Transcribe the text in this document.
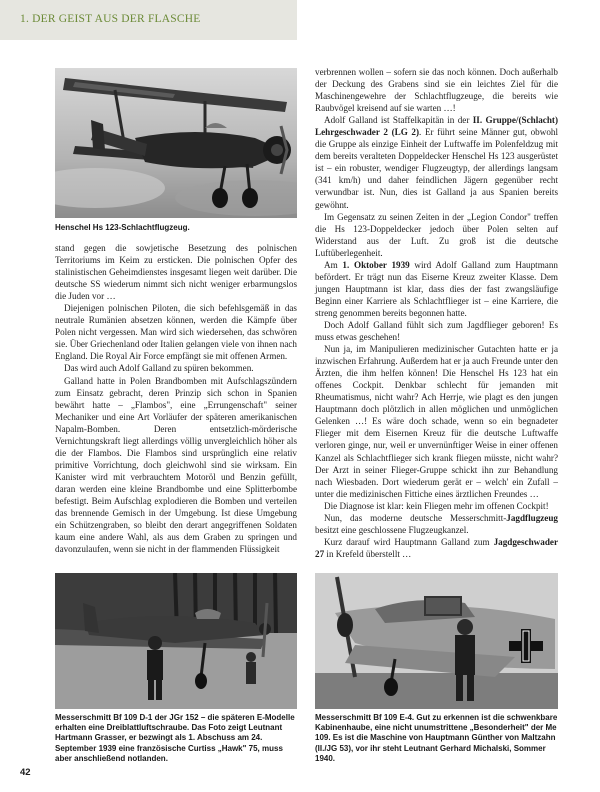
1. DER GEIST AUS DER FLASCHE
Henschel Hs 123-Schlachtflugzeug.

stand gegen die sowjetische Besetzung des polnischen Territoriums im Keim zu ersticken. Die polnischen Opfer des stalinistischen Geheimdienstes insgesamt liegen weit darüber. Die deutsche SS wiederum nimmt sich nicht weniger erbarmungslos die Juden vor …

Diejenigen polnischen Piloten, die sich befehlsgemäß in das neutrale Rumänien absetzen können, werden die Kämpfe über Polen nicht vergessen. Man wird sich wiedersehen, das schwören sie. Über Griechenland oder Italien gelangen viele von ihnen nach England. Die Royal Air Force empfängt sie mit offenen Armen.

Das wird auch Adolf Galland zu spüren bekommen.

Galland hatte in Polen Brandbomben mit Aufschlagszündern zum Einsatz gebracht, deren Prinzip sich schon in Spanien bewährt hatte – „Flambos", eine „Errungenschaft" seiner Mechaniker und eine Art Vorläufer der späteren amerikanischen Napalm-Bomben. Deren entsetzlich-mörderische Vernichtungskraft liegt allerdings völlig unvergleichlich höher als die der Flambos. Die Flambos sind ursprünglich eine relativ primitive Vorrichtung, doch gleichwohl sind sie wirksam. Ein Kanister wird mit verbrauchtem Motoröl und Benzin gefüllt, daran werden eine kleine Brandbombe und eine Splitterbombe befestigt. Beim Aufschlag explodieren die Bomben und verteilen das brennende Gemisch in der Umgebung. Ist diese Umgebung ein Schützengraben, so bleibt den derart angegriffenen Soldaten kaum eine andere Wahl, als aus dem Graben zu springen und davonzulaufen, wenn sie nicht in der flammenden Flüssigkeit

verbrennen wollen – sofern sie das noch können. Doch außerhalb der Deckung des Grabens sind sie ein leichtes Ziel für die Maschinengewehre der Schlachtflugzeuge, die bereits wie Raubvögel kreisend auf sie warten …!

Adolf Galland ist Staffelkapitän in der II. Gruppe/(Schlacht) Lehrgeschwader 2 (LG 2). Er führt seine Männer gut, obwohl die Gruppe als einzige Einheit der Luftwaffe im Polenfeldzug mit dem bereits veralteten Doppeldecker Henschel Hs 123 ausgerüstet ist – ein robuster, wendiger Flugzeugtyp, der allerdings langsam (341 km/h) und daher feindlichen Jägern gegenüber recht verwundbar ist. Nun, dies ist Galland ja aus Spanien bereits gewöhnt.

Im Gegensatz zu seinen Zeiten in der „Legion Condor" treffen die Hs 123-Doppeldecker jedoch über Polen selten auf Widerstand aus der Luft. Zu groß ist die deutsche Luftüberlegenheit.

Am 1. Oktober 1939 wird Adolf Galland zum Hauptmann befördert. Er trägt nun das Eiserne Kreuz zweiter Klasse. Dem jungen Hauptmann ist klar, dass dies der fast zwangsläufige Beginn einer Karriere als Schlachtflieger ist – eine Karriere, die streng genommen bereits begonnen hatte.

Doch Adolf Galland fühlt sich zum Jagdflieger geboren! Es muss etwas geschehen!

Nun ja, im Manipulieren medizinischer Gutachten hatte er ja inzwischen Erfahrung. Außerdem hat er ja auch Freunde unter den Ärzten, die ihm helfen können! Die Henschel Hs 123 hat ein offenes Cockpit. Denkbar schlecht für jemanden mit Rheumatismus, nicht wahr? Ach Herrje, wie plagt es den jungen Hauptmann doch plötzlich in allen möglichen und unmöglichen Gelenken …! Es wäre doch schade, wenn so ein begnadeter Flieger mit dem Eisernen Kreuz für die deutsche Luftwaffe verloren ginge, nur, weil er unvernünftiger Weise in einer offenen Kanzel als Schlachtflieger sich krank fliegen müsste, nicht wahr? Der Arzt in seiner Flieger-Gruppe schickt ihn zur Behandlung nach Wiesbaden. Dort wiederum gerät er – welch' ein Zufall – unter die medizinischen Fittiche eines ärztlichen Freundes …

Die Diagnose ist klar: kein Fliegen mehr im offenen Cockpit!

Nun, das moderne deutsche Messerschmitt-Jagdflugzeug besitzt eine geschlossene Flugzeugkanzel.

Kurz darauf wird Hauptmann Galland zum Jagdgeschwader 27 in Krefeld überstellt …

Messerschmitt Bf 109 D-1 der JGr 152 – die späteren E-Modelle erhalten eine Dreiblattluftschraube. Das Foto zeigt Leutnant Hartmann Grasser, er bezwingt als 1. Abschuss am 24. September 1939 eine französische Curtiss „Hawk" 75, muss aber anschließend notlanden.
Messerschmitt Bf 109 E-4. Gut zu erkennen ist die schwenkbare Kabinenhaube, eine nicht unumstrittene „Besonderheit" der Me 109. Es ist die Maschine von Hauptmann Günther von Maltzahn (II./JG 53), vor ihr steht Leutnant Gerhard Michalski, Sommer 1940.
42
